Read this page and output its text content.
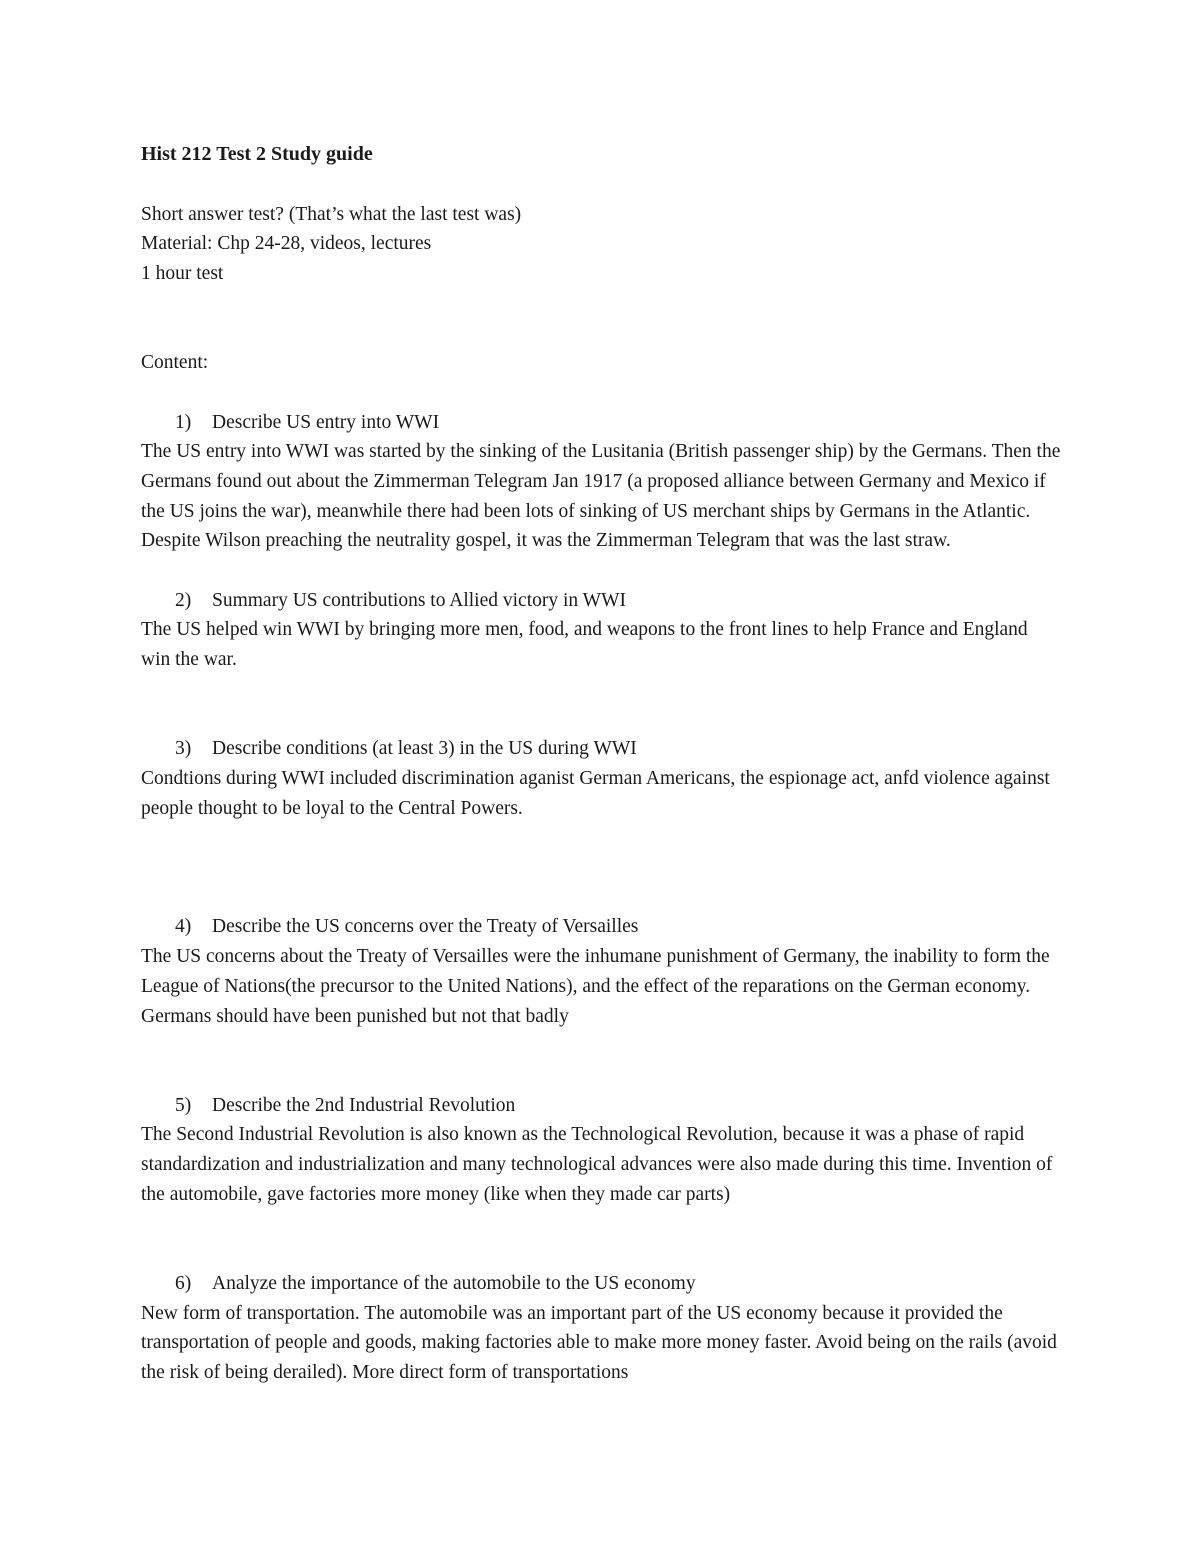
Hist 212 Test 2 Study guide

Short answer test? (That’s what the last test was)

Material: Chp 24-28, videos, lectures

1 hour test

Content:

1) Describe US entry into WWI

The US entry into WWI was started by the sinking of the Lusitania (British passenger ship) by the Germans. Then the Germans found out about the Zimmerman Telegram Jan 1917 (a proposed alliance between Germany and Mexico if the US joins the war), meanwhile there had been lots of sinking of US merchant ships by Germans in the Atlantic. Despite Wilson preaching the neutrality gospel, it was the Zimmerman Telegram that was the last straw.

2) Summary US contributions to Allied victory in WWI

The US helped win WWI by bringing more men, food, and weapons to the front lines to help France and England win the war.

3) Describe conditions (at least 3) in the US during WWI

Condtions during WWI included discrimination aganist German Americans, the espionage act, anfd violence against people thought to be loyal to the Central Powers.

4) Describe the US concerns over the Treaty of Versailles

The US concerns about the Treaty of Versailles were the inhumane punishment of Germany, the inability to form the League of Nations(the precursor to the United Nations), and the effect of the reparations on the German economy. Germans should have been punished but not that badly

5) Describe the 2nd Industrial Revolution

The Second Industrial Revolution is also known as the Technological Revolution, because it was a phase of rapid standardization and industrialization and many technological advances were also made during this time. Invention of the automobile, gave factories more money (like when they made car parts)

6) Analyze the importance of the automobile to the US economy

New form of transportation. The automobile was an important part of the US economy because it provided the transportation of people and goods, making factories able to make more money faster. Avoid being on the rails (avoid the risk of being derailed). More direct form of transportations
